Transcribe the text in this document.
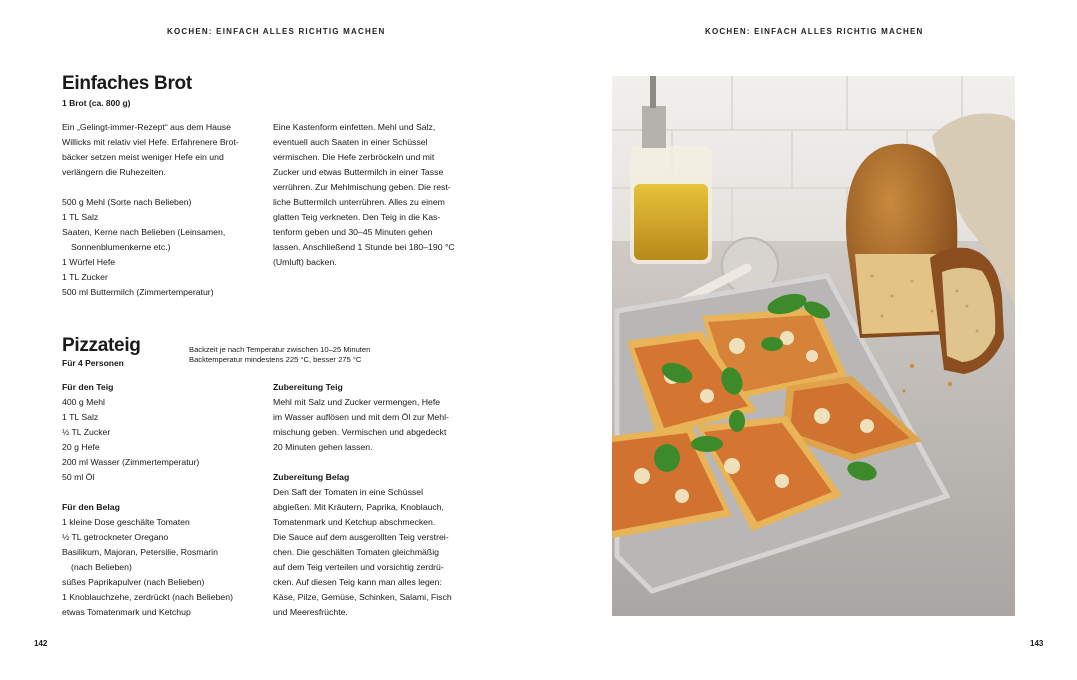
KOCHEN: EINFACH ALLES RICHTIG MACHEN	KOCHEN: EINFACH ALLES RICHTIG MACHEN
Einfaches Brot
1 Brot (ca. 800 g)

Ein „Gelingt-immer-Rezept“ aus dem Hause

Willicks mit relativ viel Hefe. Erfahrenere Brot-

bäcker setzen meist weniger Hefe ein und

verlängern die Ruhezeiten.

500 g Mehl (Sorte nach Belieben)

1 TL Salz

Saaten, Kerne nach Belieben (Leinsamen,

Sonnenblumenkerne etc.)

1 Würfel Hefe

1 TL Zucker

500 ml Buttermilch (Zimmertemperatur)

Eine Kastenform einfetten. Mehl und Salz,

eventuell auch Saaten in einer Schüssel

vermischen. Die Hefe zerbröckeln und mit

Zucker und etwas Buttermilch in einer Tasse

verrühren. Zur Mehlmischung geben. Die rest-

liche Buttermilch unterrühren. Alles zu einem

glatten Teig verkneten. Den Teig in die Kas-

tenform geben und 30–45 Minuten gehen

lassen. Anschließend 1 Stunde bei 180–190 °C

(Umluft) backen.

Pizzateig
Für 4 Personen
Backzeit je nach Temperatur zwischen 10–25 Minuten
Backtemperatur mindestens 225 °C, besser 275 °C

Für den Teig

400 g Mehl

1 TL Salz

½ TL Zucker

20 g Hefe

200 ml Wasser (Zimmertemperatur)

50 ml Öl

Für den Belag

1 kleine Dose geschälte Tomaten

½ TL getrockneter Oregano

Basilikum, Majoran, Petersilie, Rosmarin

(nach Belieben)

süßes Paprikapulver (nach Belieben)

1 Knoblauchzehe, zerdrückt (nach Belieben)

etwas Tomatenmark und Ketchup

Zubereitung Teig

Mehl mit Salz und Zucker vermengen, Hefe

im Wasser auflösen und mit dem Öl zur Mehl-

mischung geben. Vermischen und abgedeckt

20 Minuten gehen lassen.

Zubereitung Belag

Den Saft der Tomaten in eine Schüssel

abgießen. Mit Kräutern, Paprika, Knoblauch,

Tomatenmark und Ketchup abschmecken.

Die Sauce auf dem ausgerollten Teig verstrei-

chen. Die geschälten Tomaten gleichmäßig

auf dem Teig verteilen und vorsichtig zerdrü-

cken. Auf diesen Teig kann man alles legen:

Käse, Pilze, Gemüse, Schinken, Salami, Fisch

und Meeresfrüchte.

142	143
